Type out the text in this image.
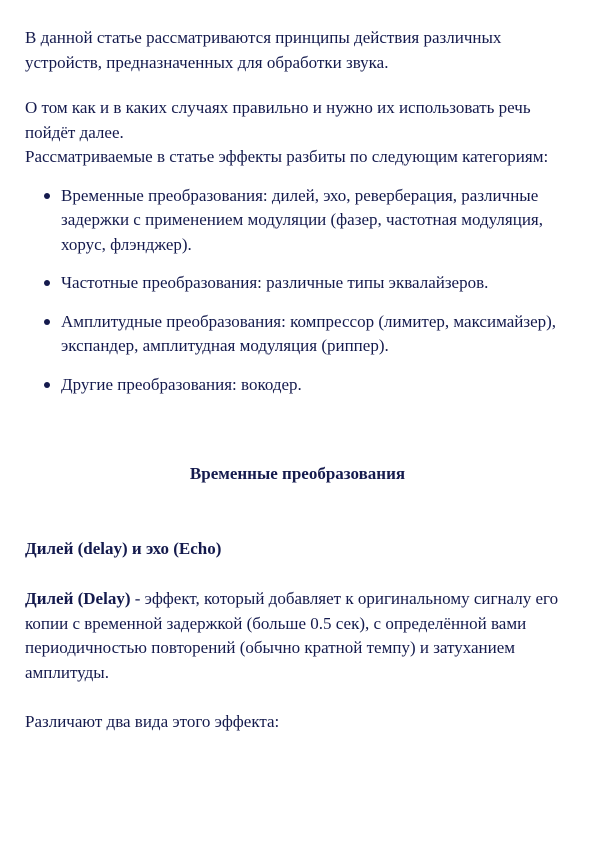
В данной статье рассматриваются принципы действия различных устройств, предназначенных для обработки звука.

О том как и в каких случаях правильно и нужно их использовать речь пойдёт далее.

Рассматриваемые в статье эффекты разбиты по следующим категориям:

Временные преобразования: дилей, эхо, реверберация, различные задержки с применением модуляции (фазер, частотная модуляция, хорус, флэнджер).
Частотные преобразования: различные типы эквалайзеров.
Амплитудные преобразования: компрессор (лимитер, максимайзер), экспандер, амплитудная модуляция (риппер).
Другие преобразования: вокодер.

Временные преобразования

Дилей (delay) и эхо (Echo)

Дилей (Delay) - эффект, который добавляет к оригинальному сигналу его копии с временной задержкой (больше 0.5 сек), с определённой вами периодичностью повторений (обычно кратной темпу) и затуханием амплитуды.

Различают два вида этого эффекта:
